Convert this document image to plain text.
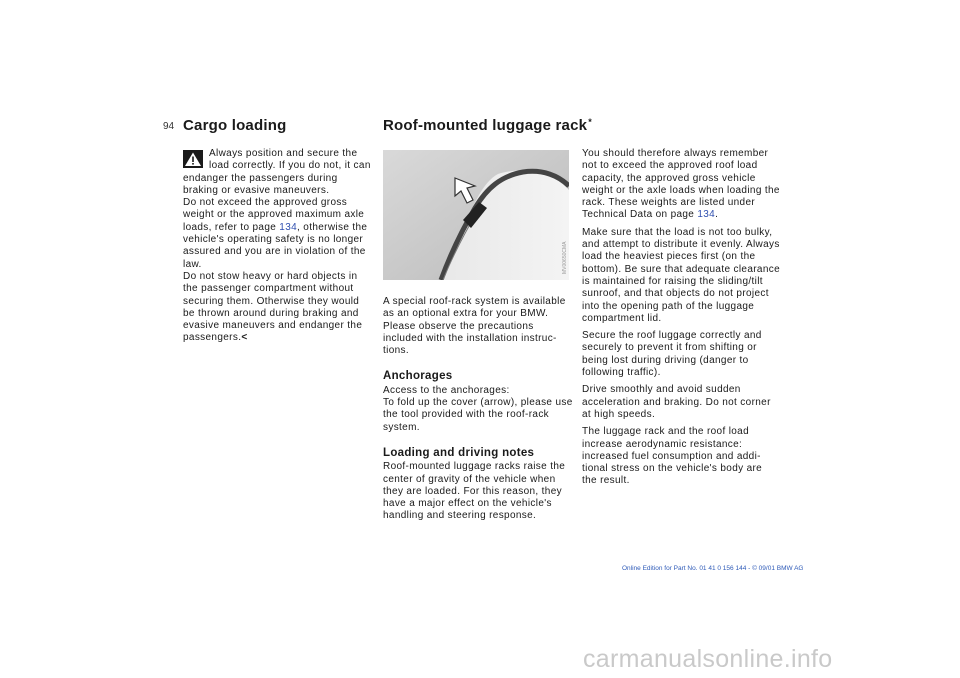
94 Cargo loading	Roof-mounted luggage rack*

Always position and secure the load correctly. If you do not, it can endanger the passengers during braking or evasive maneuvers.

Do not exceed the approved gross weight or the approved maximum axle loads, refer to page 134, otherwise the vehicle's operating safety is no longer assured and you are in violation of the law.

Do not stow heavy or hard objects in the passenger compartment without securing them. Otherwise they would be thrown around during braking and evasive maneuvers and endanger the passengers.<

MV00650CMA

A special roof-rack system is available as an optional extra for your BMW. Please observe the precautions included with the installation instruc-tions.

Anchorages

Access to the anchorages:

To fold up the cover (arrow), please use the tool provided with the roof-rack system.

Loading and driving notes

Roof-mounted luggage racks raise the center of gravity of the vehicle when they are loaded. For this reason, they have a major effect on the vehicle's handling and steering response.

You should therefore always remember not to exceed the approved roof load capacity, the approved gross vehicle weight or the axle loads when loading the rack. These weights are listed under Technical Data on page 134.

Make sure that the load is not too bulky, and attempt to distribute it evenly. Always load the heaviest pieces first (on the bottom). Be sure that adequate clearance is maintained for raising the sliding/tilt sunroof, and that objects do not project into the opening path of the luggage compartment lid.

Secure the roof luggage correctly and securely to prevent it from shifting or being lost during driving (danger to following traffic).

Drive smoothly and avoid sudden acceleration and braking. Do not corner at high speeds.

The luggage rack and the roof load increase aerodynamic resistance: increased fuel consumption and addi-tional stress on the vehicle's body are the result.

Online Edition for Part No. 01 41 0 156 144 - © 09/01 BMW AG
carmanualsonline.info
